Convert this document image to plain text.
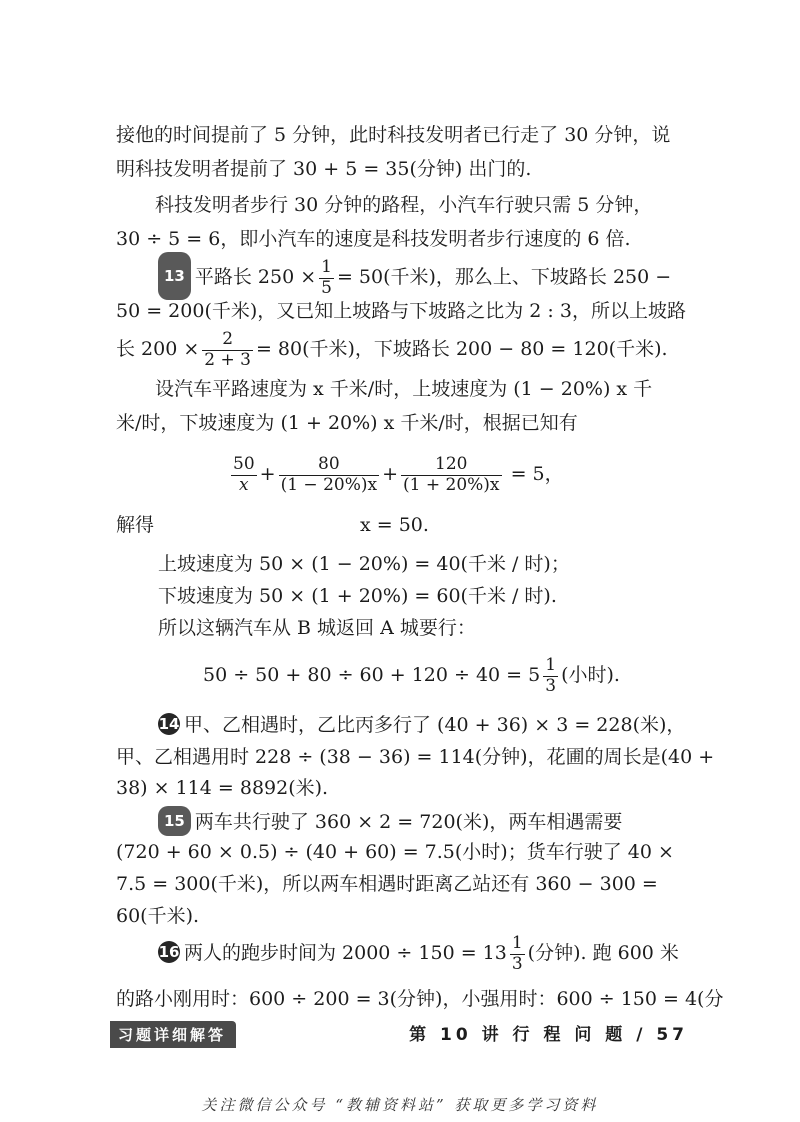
接他的时间提前了 5 分钟，此时科技发明者已行走了 30 分钟，说
明科技发明者提前了 30 + 5 = 35(分钟) 出门的.
科技发明者步行 30 分钟的路程，小汽车行驶只需 5 分钟，
30 ÷ 5 = 6，即小汽车的速度是科技发明者步行速度的 6 倍.
13 平路长 $250 \times \frac{1}{5} = 50$(千米)，那么上、下坡路长 250 −
50 = 200(千米)，又已知上坡路与下坡路之比为 2 : 3，所以上坡路
长 $200 \times \frac{2}{2 + 3} = 80$(千米)，下坡路长 200 − 80 = 120(千米).
设汽车平路速度为 x 千米/时，上坡速度为 (1 − 20%) x 千
米/时，下坡速度为 (1 + 20%) x 千米/时，根据已知有
$\frac{50}{x} + \frac{80}{(1 - 20\%)x} + \frac{120}{(1 + 20\%)x} = 5$，
解得	x = 50.
上坡速度为 50 × (1 − 20%) = 40(千米 / 时)；
下坡速度为 50 × (1 + 20%) = 60(千米 / 时).
所以这辆汽车从 B 城返回 A 城要行：
$50 \div 50 + 80 \div 60 + 120 \div 40 = 5 \frac{1}{3}$ (小时).
14 甲、乙相遇时，乙比丙多行了 (40 + 36) × 3 = 228(米)，
甲、乙相遇用时 228 ÷ (38 − 36) = 114(分钟)，花圃的周长是(40 +
38) × 114 = 8892(米).
15 两车共行驶了 360 × 2 = 720(米)，两车相遇需要
(720 + 60 × 0.5) ÷ (40 + 60) = 7.5(小时)；货车行驶了 40 ×
7.5 = 300(千米)，所以两车相遇时距离乙站还有 360 − 300 =
60(千米).
16 两人的跑步时间为 $2000 \div 150 = 13 \frac{1}{3}$ (分钟). 跑 600 米
的路小刚用时：600 ÷ 200 = 3(分钟)，小强用时：600 ÷ 150 = 4(分
习题详细解答	第 10 讲 行 程 问 题 / 57
关注微信公众号 “教辅资料站” 获取更多学习资料
